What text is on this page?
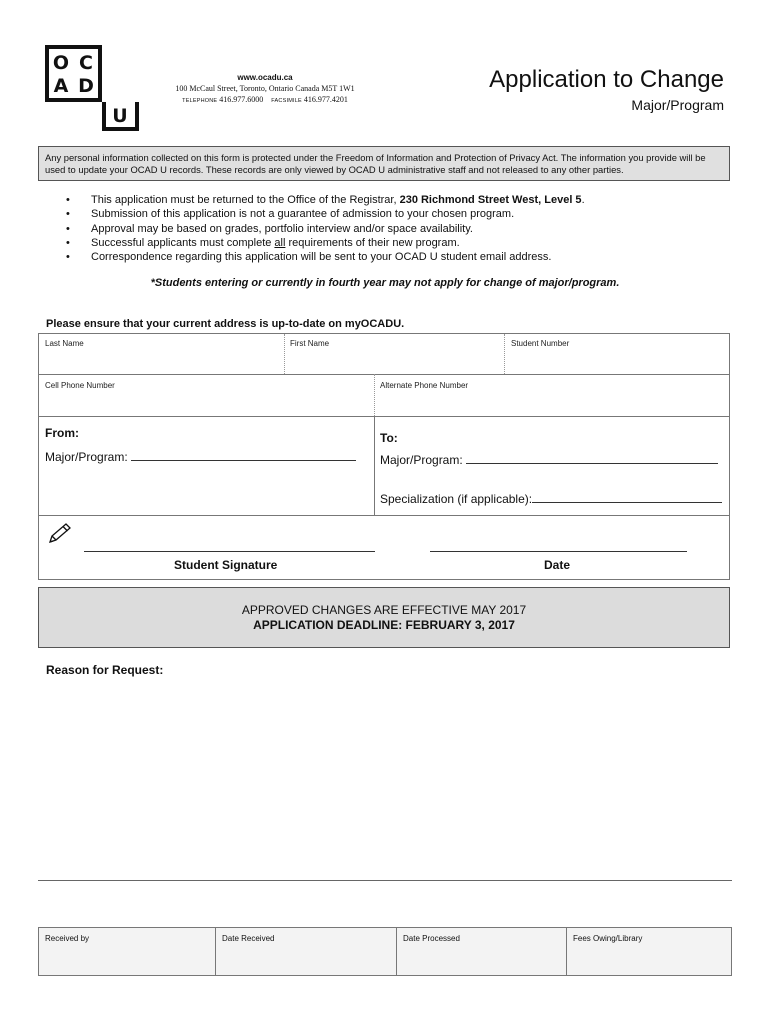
O C
A D
U
www.ocadu.ca
100 McCaul Street, Toronto, Ontario Canada M5T 1W1
TELEPHONE 416.977.6000 FACSIMILE 416.977.4201
Application to Change
Major/Program
Any personal information collected on this form is protected under the Freedom of Information and Protection of Privacy Act. The information you provide will be used to update your OCAD U records. These records are only viewed by OCAD U administrative staff and not released to any other parties.
• This application must be returned to the Office of the Registrar, 230 Richmond Street West, Level 5.
• Submission of this application is not a guarantee of admission to your chosen program.
• Approval may be based on grades, portfolio interview and/or space availability.
• Successful applicants must complete all requirements of their new program.
• Correspondence regarding this application will be sent to your OCAD U student email address.
*Students entering or currently in fourth year may not apply for change of major/program.
Please ensure that your current address is up-to-date on myOCADU.
Last Name	First Name	Student Number
Cell Phone Number	Alternate Phone Number
From:
Major/Program:
To:
Major/Program:
Specialization (if applicable):
Student Signature	Date
APPROVED CHANGES ARE EFFECTIVE MAY 2017
APPLICATION DEADLINE: FEBRUARY 3, 2017
Reason for Request:
Received by	Date Received	Date Processed	Fees Owing/Library
